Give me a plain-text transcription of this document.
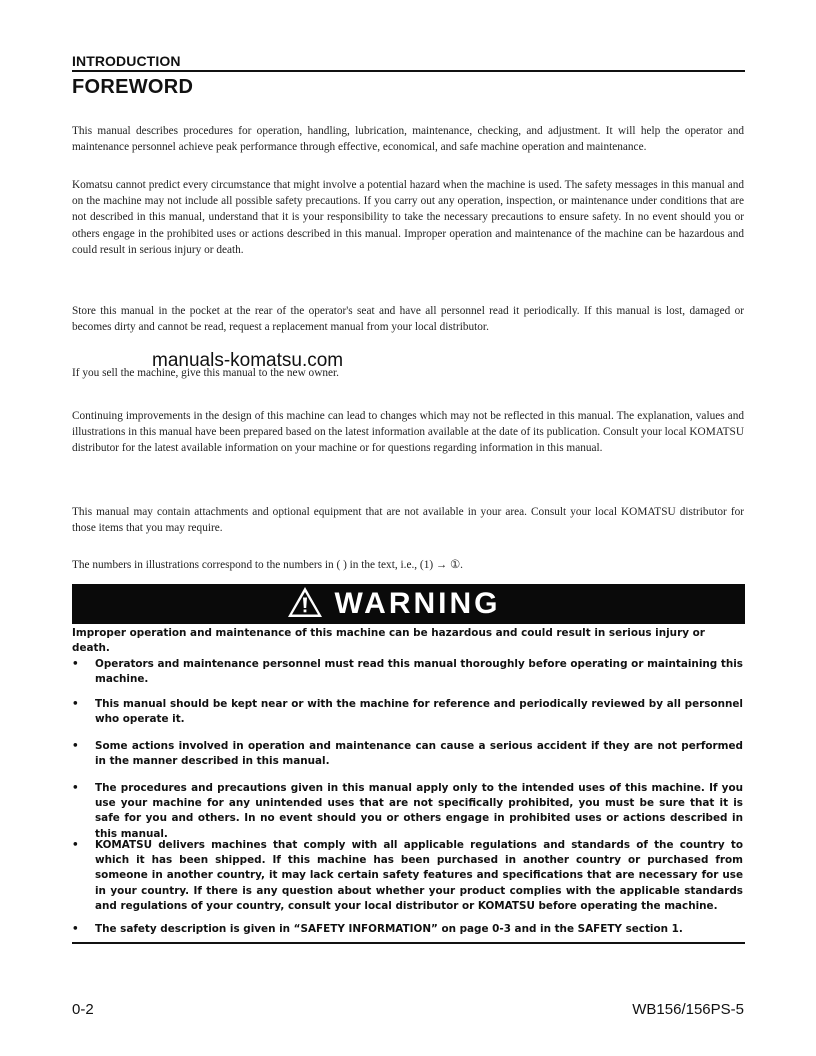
INTRODUCTION
FOREWORD

This manual describes procedures for operation, handling, lubrication, maintenance, checking, and adjustment. It will help the operator and maintenance personnel achieve peak performance through effective, economical, and safe machine operation and maintenance.

Komatsu cannot predict every circumstance that might involve a potential hazard when the machine is used. The safety messages in this manual and on the machine may not include all possible safety precautions. If you carry out any operation, inspection, or maintenance under conditions that are not described in this manual, understand that it is your responsibility to take the necessary precautions to ensure safety. In no event should you or others engage in the prohibited uses or actions described in this manual. Improper operation and maintenance of the machine can be hazardous and could result in serious injury or death.

Store this manual in the pocket at the rear of the operator's seat and have all personnel read it periodically. If this manual is lost, damaged or becomes dirty and cannot be read, request a replacement manual from your local distributor.

If you sell the machine, give this manual to the new owner.

Continuing improvements in the design of this machine can lead to changes which may not be reflected in this manual. The explanation, values and illustrations in this manual have been prepared based on the latest information available at the date of its publication. Consult your local KOMATSU distributor for the latest available information on your machine or for questions regarding information in this manual.

This manual may contain attachments and optional equipment that are not available in your area. Consult your local KOMATSU distributor for those items that you may require.

The numbers in illustrations correspond to the numbers in ( ) in the text, i.e., (1) → ①.

manuals-komatsu.com
WARNING

Improper operation and maintenance of this machine can be hazardous and could result in serious injury or death.

•	Operators and maintenance personnel must read this manual thoroughly before operating or maintaining this machine.
•	This manual should be kept near or with the machine for reference and periodically reviewed by all personnel who operate it.
•	Some actions involved in operation and maintenance can cause a serious accident if they are not performed in the manner described in this manual.
•	The procedures and precautions given in this manual apply only to the intended uses of this machine. If you use your machine for any unintended uses that are not specifically prohibited, you must be sure that it is safe for you and others. In no event should you or others engage in prohibited uses or actions described in this manual.
•	KOMATSU delivers machines that comply with all applicable regulations and standards of the country to which it has been shipped. If this machine has been purchased in another country or purchased from someone in another country, it may lack certain safety features and specifications that are necessary for use in your country. If there is any question about whether your product complies with the applicable standards and regulations of your country, consult your local distributor or KOMATSU before operating the machine.
•	The safety description is given in “SAFETY INFORMATION” on page 0-3 and in the SAFETY section 1.
0-2	WB156/156PS-5
